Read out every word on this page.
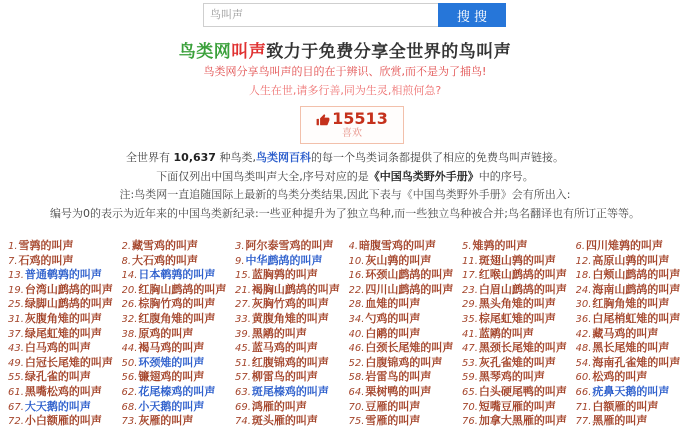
鸟叫声
搜 搜
鸟类网叫声致力于免费分享全世界的鸟叫声
鸟类网分享鸟叫声的目的在于辨识、欣赏,而不是为了捕鸟!
人生在世,请多行善,同为生灵,相煎何急?
15513
喜欢
全世界有 10,637 种鸟类,鸟类网百科的每一个鸟类词条都提供了相应的免费鸟叫声链接。
下面仅列出中国鸟类叫声大全,序号对应的是《中国鸟类野外手册》中的序号。
注:鸟类网一直追随国际上最新的鸟类分类结果,因此下表与《中国鸟类野外手册》会有所出入:
编号为0的表示为近年来的中国鸟类新纪录:一些亚种提升为了独立鸟种,而一些独立鸟种被合并;鸟名翻译也有所订正等等。
1.雪鹑的叫声	2.藏雪鸡的叫声	3.阿尔泰雪鸡的叫声	4.暗腹雪鸡的叫声	5.雉鹑的叫声	6.四川雉鹑的叫声
7.石鸡的叫声	8.大石鸡的叫声	9.中华鹧鸪的叫声	10.灰山鹑的叫声	11.斑翅山鹑的叫声	12.高原山鹑的叫声
13.普通鹌鹑的叫声	14.日本鹌鹑的叫声	15.蓝胸鹑的叫声	16.环颈山鹧鸪的叫声 17.红喉山鹧鸪的叫声 18.白颊山鹧鸪的叫声
19.台湾山鹧鸪的叫声 20.红胸山鹧鸪的叫声 21.褐胸山鹧鸪的叫声 22.四川山鹧鸪的叫声 23.白眉山鹧鸪的叫声 24.海南山鹧鸪的叫声
25.绿脚山鹧鸪的叫声 26.棕胸竹鸡的叫声	27.灰胸竹鸡的叫声	28.血雉的叫声	29.黑头角雉的叫声	30.红胸角雉的叫声
31.灰腹角雉的叫声	32.红腹角雉的叫声	33.黄腹角雉的叫声	34.勺鸡的叫声	35.棕尾虹雉的叫声	36.白尾梢虹雉的叫声
37.绿尾虹雉的叫声	38.原鸡的叫声	39.黑鹇的叫声	40.白鹇的叫声	41.蓝鹇的叫声	42.藏马鸡的叫声
43.白马鸡的叫声	44.褐马鸡的叫声	45.蓝马鸡的叫声	46.白颈长尾雉的叫声 47.黑颈长尾雉的叫声 48.黑长尾雉的叫声
49.白冠长尾雉的叫声 50.环颈雉的叫声	51.红腹锦鸡的叫声	52.白腹锦鸡的叫声	53.灰孔雀雉的叫声	54.海南孔雀雉的叫声
55.绿孔雀的叫声	56.镰翅鸡的叫声	57.柳雷鸟的叫声	58.岩雷鸟的叫声	59.黑琴鸡的叫声	60.松鸡的叫声
61.黑嘴松鸡的叫声	62.花尾榛鸡的叫声	63.斑尾榛鸡的叫声	64.栗树鸭的叫声	65.白头硬尾鸭的叫声 66.疣鼻天鹅的叫声
67.大天鹅的叫声	68.小天鹅的叫声	69.鸿雁的叫声	70.豆雁的叫声	70.短嘴豆雁的叫声	71.白额雁的叫声
72.小白额雁的叫声	73.灰雁的叫声	74.斑头雁的叫声	75.雪雁的叫声	76.加拿大黑雁的叫声 77.黑雁的叫声
